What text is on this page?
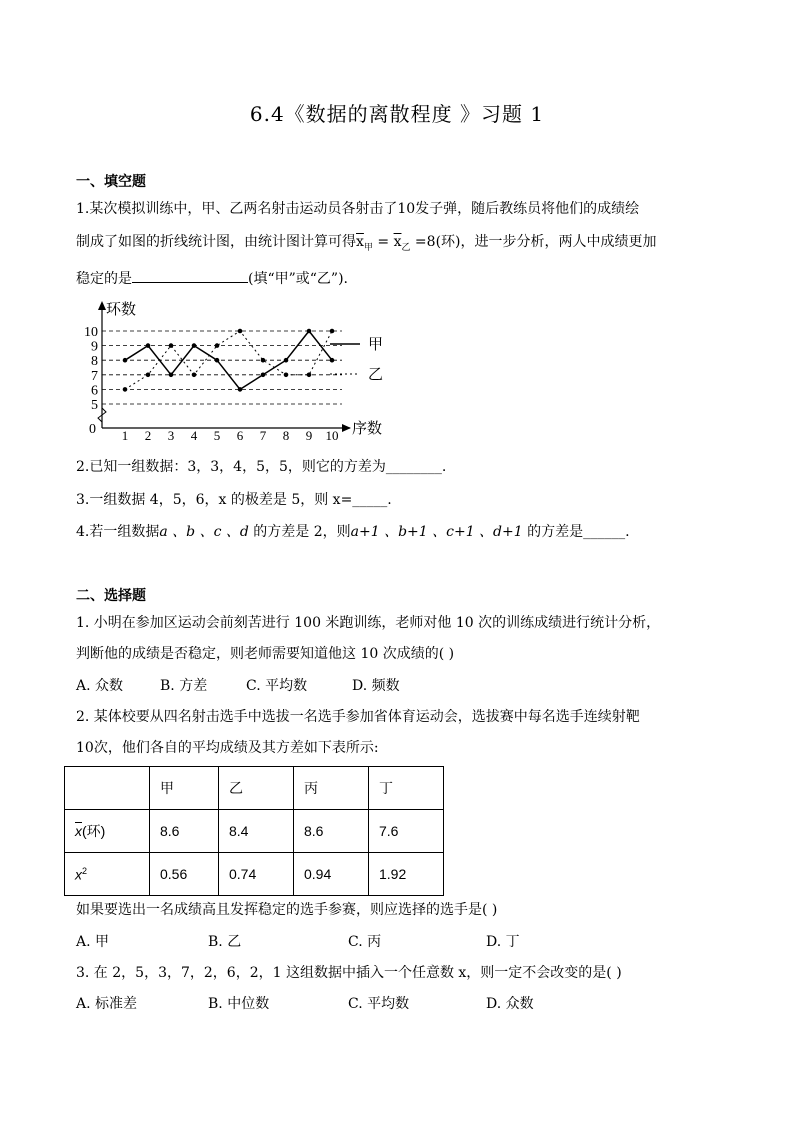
6.4《数据的离散程度 》习题 1
一、填空题
1.某次模拟训练中，甲、乙两名射击运动员各射击了10发子弹，随后教练员将他们的成绩绘
制成了如图的折线统计图，由统计图计算可得$\overline{x}_甲 = \overline{x}_乙 =8$(环)，进一步分析，两人中成绩更加
稳定的是	(填“甲”或“乙”).
5
6
7
8
9
10
1 2 3 4 5 6 7 8 9 10
0
环数
序数
甲
乙
2.已知一组数据：3，3，4，5，5，则它的方差为________.
3.一组数据 4，5，6，x 的极差是 5，则 x=_____.
4.若一组数据a 、b 、c 、d 的方差是 2，则a+1 、b+1 、c+1 、d+1 的方差是______.
二、选择题
1. 小明在参加区运动会前刻苦进行 100 米跑训练，老师对他 10 次的训练成绩进行统计分析，
判断他的成绩是否稳定，则老师需要知道他这 10 次成绩的( )
A. 众数	B. 方差	C. 平均数	D. 频数
2. 某体校要从四名射击选手中选拔一名选手参加省体育运动会，选拔赛中每名选手连续射靶
10次，他们各自的平均成绩及其方差如下表所示:
	甲	乙	丙	丁
$\overline{x}$(环)	8.6	8.4	8.6	7.6
$x^2$	0.56	0.74	0.94	1.92
如果要选出一名成绩高且发挥稳定的选手参赛，则应选择的选手是( )
A. 甲	B. 乙	C. 丙	D. 丁
3. 在 2，5，3，7，2，6，2，1 这组数据中插入一个任意数 x，则一定不会改变的是( )
A. 标准差	B. 中位数	C. 平均数	D. 众数
